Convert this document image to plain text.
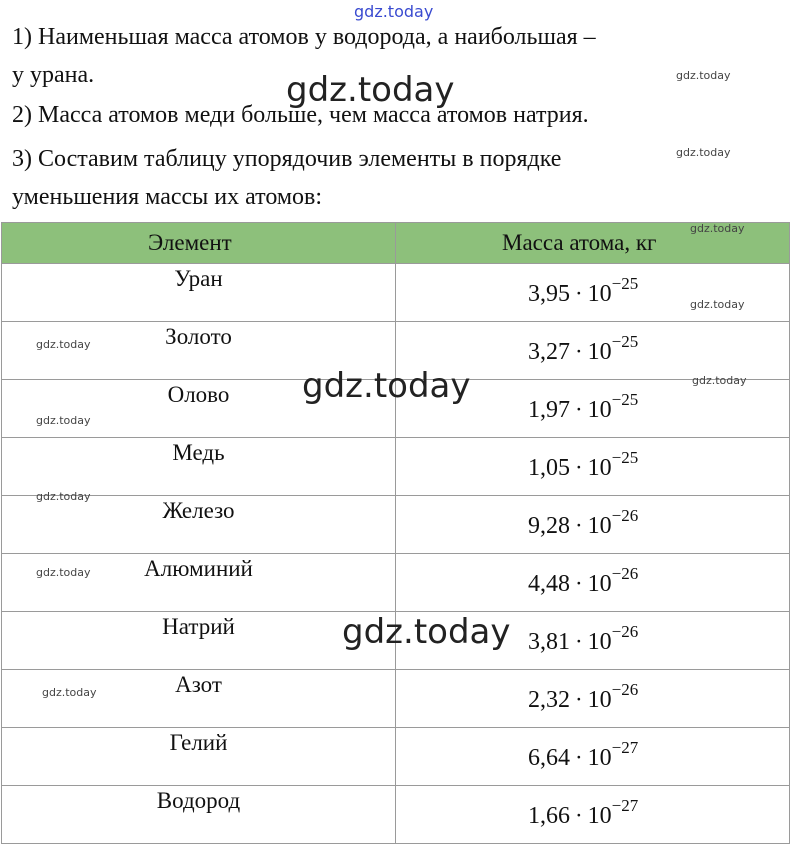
gdz.today
1) Наименьшая масса атомов у водорода, а наибольшая –
у урана.
2) Масса атомов меди больше, чем масса атомов натрия.
3) Составим таблицу упорядочив элементы в порядке
уменьшения массы их атомов:
Элемент	Масса атома, кг
Уран	$3,95 \cdot 10^{-25}$
Золото	$3,27 \cdot 10^{-25}$
Олово	$1,97 \cdot 10^{-25}$
Медь	$1,05 \cdot 10^{-25}$
Железо	$9,28 \cdot 10^{-26}$
Алюминий	$4,48 \cdot 10^{-26}$
Натрий	$3,81 \cdot 10^{-26}$
Азот	$2,32 \cdot 10^{-26}$
Гелий	$6,64 \cdot 10^{-27}$
Водород	$1,66 \cdot 10^{-27}$
gdz.today	gdz.today
gdz.today
gdz.today
gdz.today
gdz.today
gdz.today	gdz.today
gdz.today
gdz.today
gdz.today
gdz.today
gdz.today
